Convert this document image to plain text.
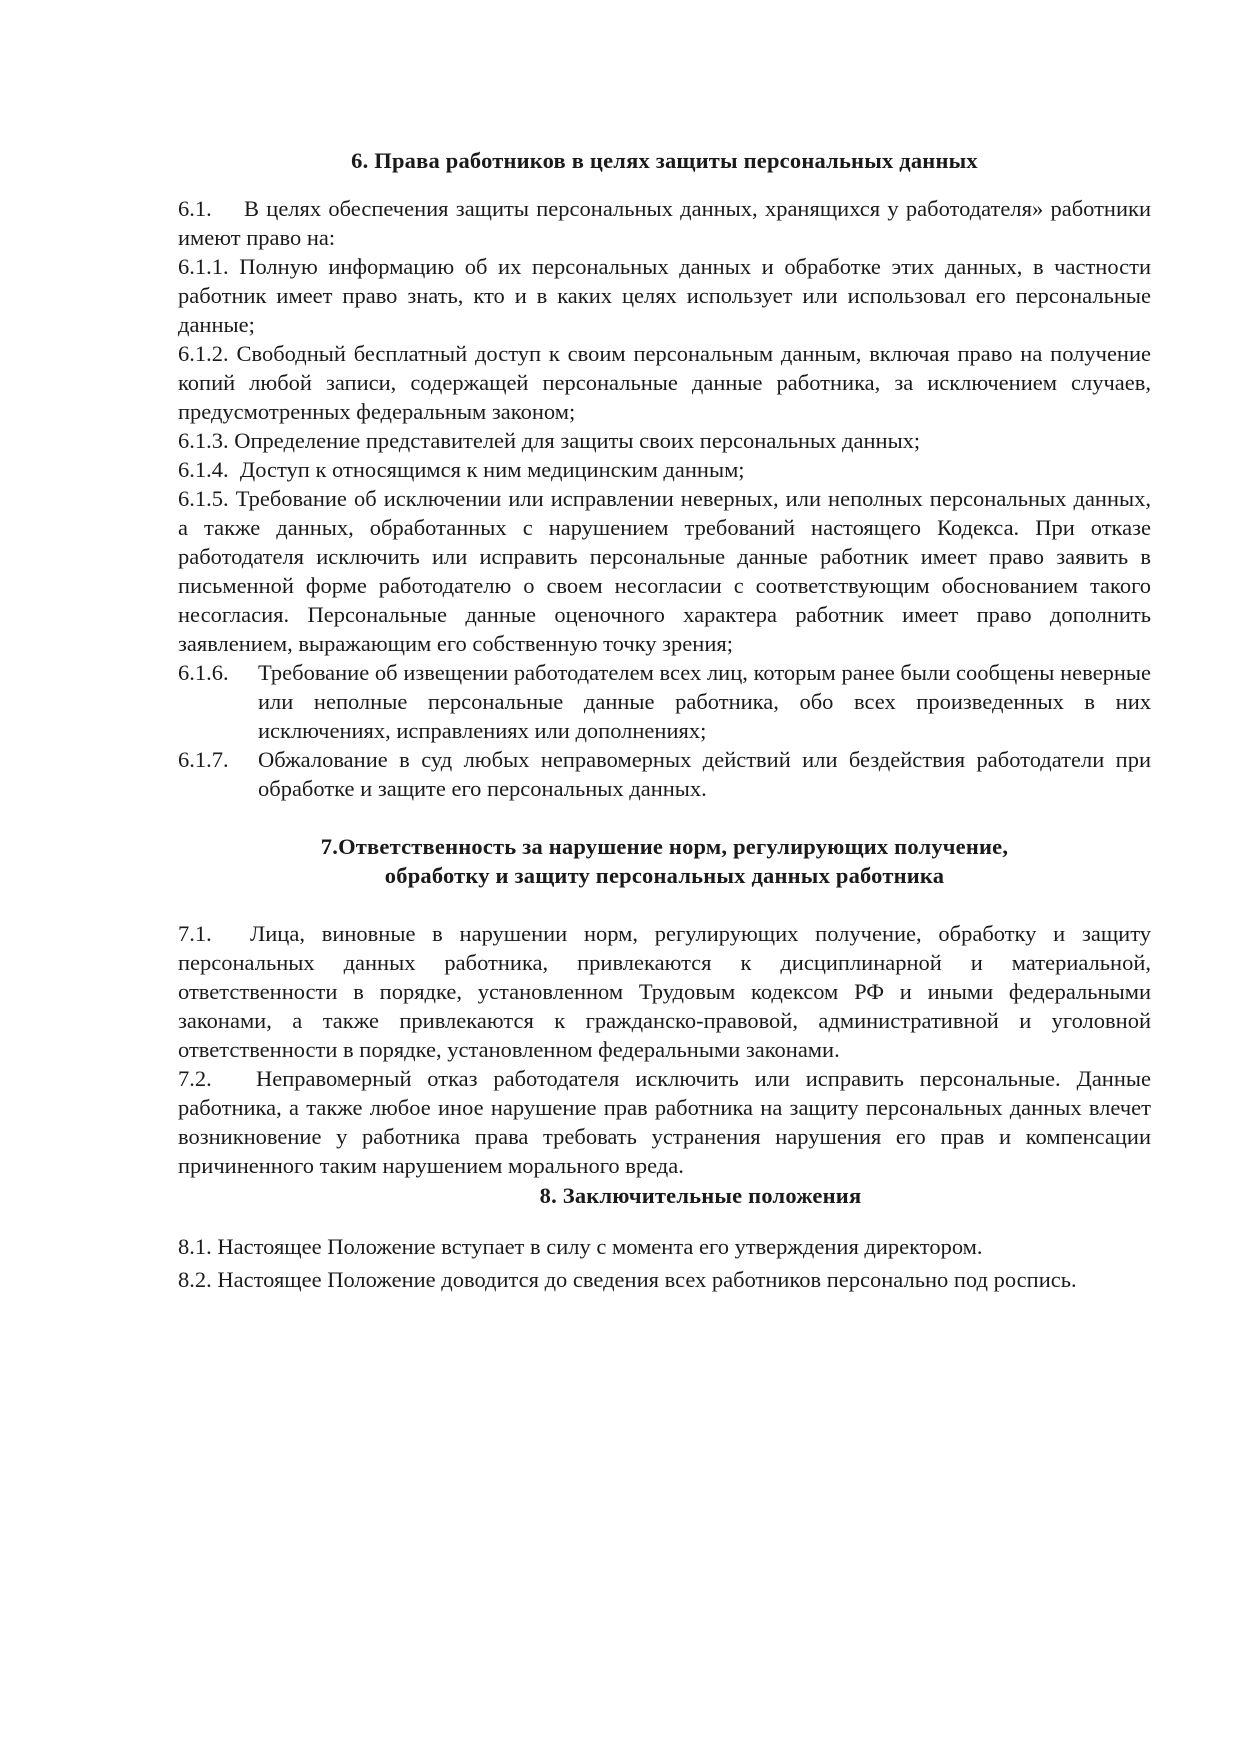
6. Права работников в целях защиты персональных данных

6.1. В целях обеспечения защиты персональных данных, хранящихся у работодателя» работники имеют право на:

6.1.1. Полную информацию об их персональных данных и обработке этих данных, в частности работник имеет право знать, кто и в каких целях использует или использовал его персональные данные;

6.1.2. Свободный бесплатный доступ к своим персональным данным, включая право на получение копий любой записи, содержащей персональные данные работника, за исключением случаев, предусмотренных федеральным законом;

6.1.3. Определение представителей для защиты своих персональных данных;

6.1.4. Доступ к относящимся к ним медицинским данным;

6.1.5. Требование об исключении или исправлении неверных, или неполных персональных данных, а также данных, обработанных с нарушением требований настоящего Кодекса. При отказе работодателя исключить или исправить персональные данные работник имеет право заявить в письменной форме работодателю о своем несогласии с соответствующим обоснованием такого несогласия. Персональные данные оценочного характера работник имеет право дополнить заявлением, выражающим его собственную точку зрения;

6.1.6. Требование об извещении работодателем всех лиц, которым ранее были сообщены неверные или неполные персональные данные работника, обо всех произведенных в них исключениях, исправлениях или дополнениях;

6.1.7. Обжалование в суд любых неправомерных действий или бездействия работодатели при обработке и защите его персональных данных.

7.Ответственность за нарушение норм, регулирующих получение,
обработку и защиту персональных данных работника

7.1. Лица, виновные в нарушении норм, регулирующих получение, обработку и защиту персональных данных работника, привлекаются к дисциплинарной и материальной, ответственности в порядке, установленном Трудовым кодексом РФ и иными федеральными законами, а также привлекаются к гражданско-правовой, административной и уголовной ответственности в порядке, установленном федеральными законами.

7.2. Неправомерный отказ работодателя исключить или исправить персональные. Данные работника, а также любое иное нарушение прав работника на защиту персональных данных влечет возникновение у работника права требовать устранения нарушения его прав и компенсации причиненного таким нарушением морального вреда.

8. Заключительные положения

8.1. Настоящее Положение вступает в силу с момента его утверждения директором.

8.2. Настоящее Положение доводится до сведения всех работников персонально под роспись.
